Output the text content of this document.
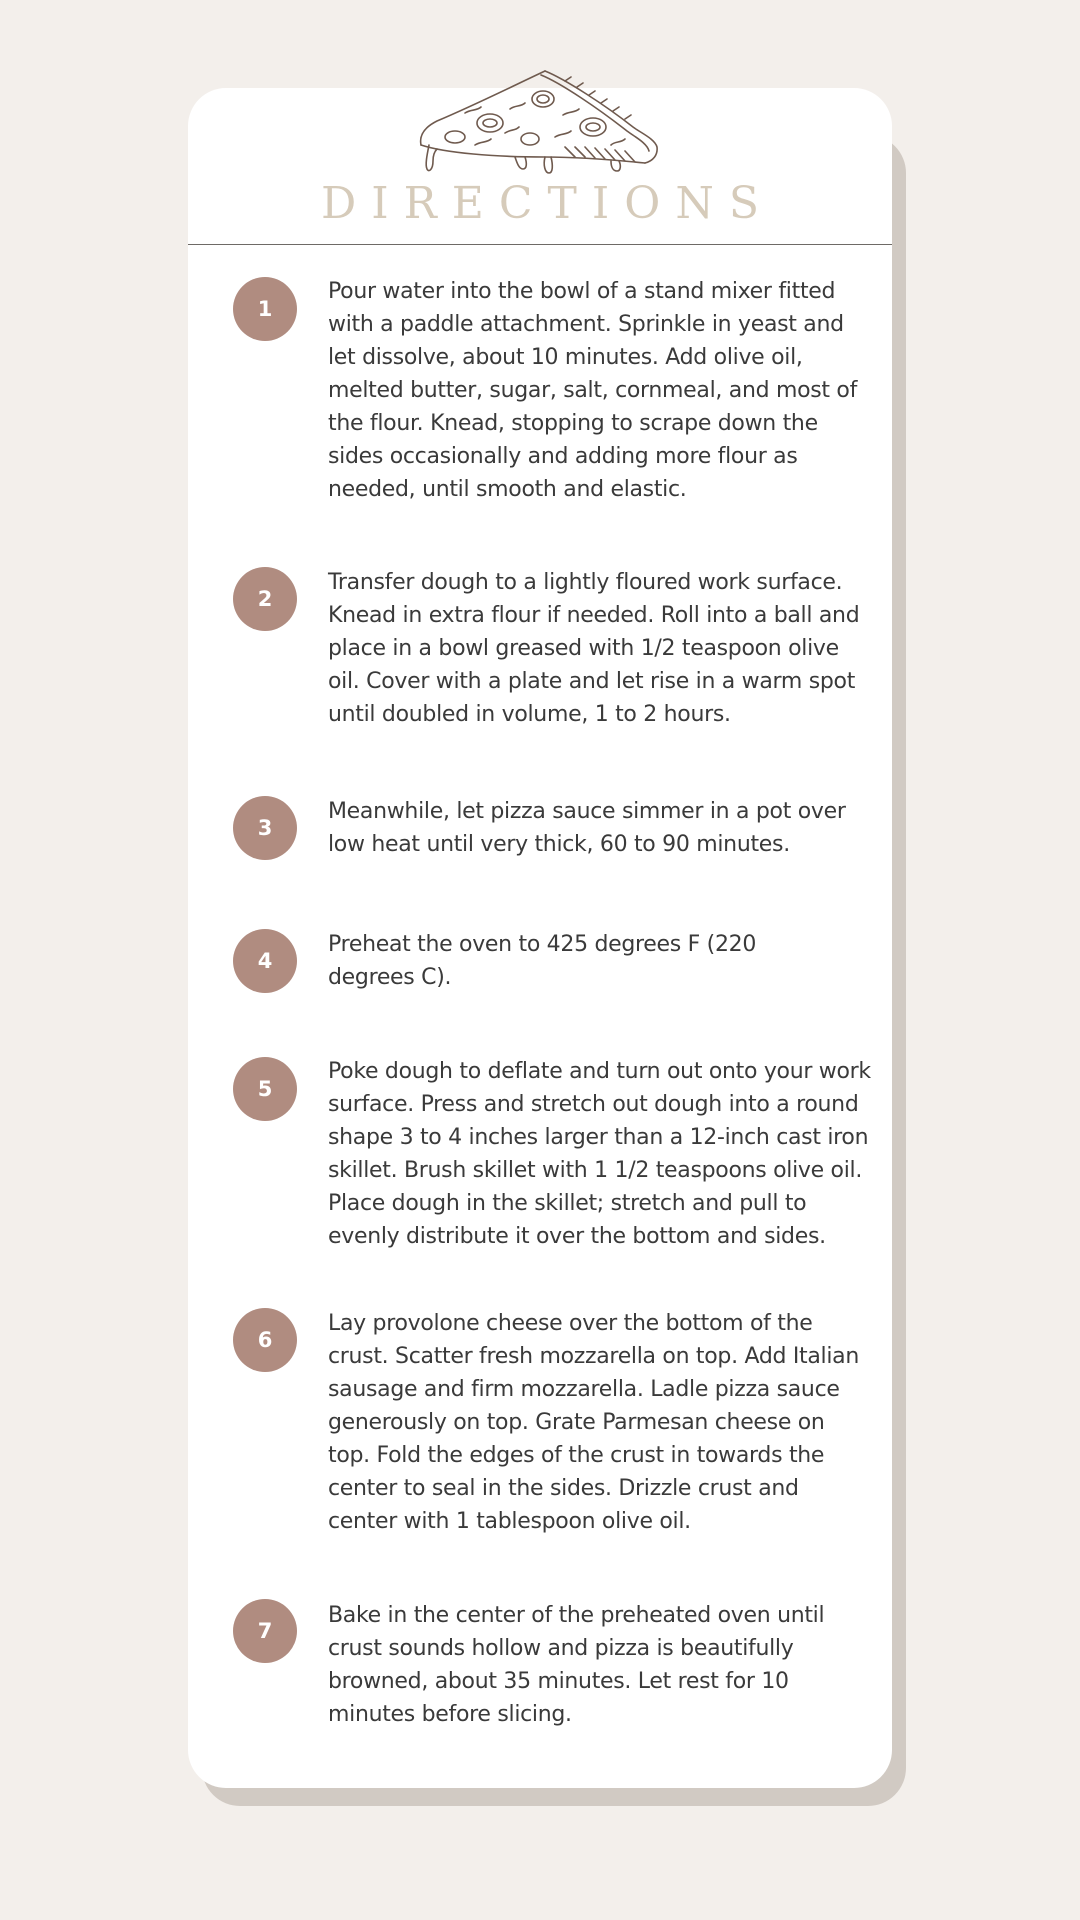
DIRECTIONS
1

Pour water into the bowl of a stand mixer fitted with a paddle attachment. Sprinkle in yeast and let dissolve, about 10 minutes. Add olive oil, melted butter, sugar, salt, cornmeal, and most of the flour. Knead, stopping to scrape down the sides occasionally and adding more flour as needed, until smooth and elastic.

2

Transfer dough to a lightly floured work surface. Knead in extra flour if needed. Roll into a ball and place in a bowl greased with 1/2 teaspoon olive oil. Cover with a plate and let rise in a warm spot until doubled in volume, 1 to 2 hours.

3

Meanwhile, let pizza sauce simmer in a pot over low heat until very thick, 60 to 90 minutes.

4

Preheat the oven to 425 degrees F (220 degrees C).

5

Poke dough to deflate and turn out onto your work surface. Press and stretch out dough into a round shape 3 to 4 inches larger than a 12-inch cast iron skillet. Brush skillet with 1 1/2 teaspoons olive oil. Place dough in the skillet; stretch and pull to evenly distribute it over the bottom and sides.

6

Lay provolone cheese over the bottom of the crust. Scatter fresh mozzarella on top. Add Italian sausage and firm mozzarella. Ladle pizza sauce generously on top. Grate Parmesan cheese on top. Fold the edges of the crust in towards the center to seal in the sides. Drizzle crust and center with 1 tablespoon olive oil.

7

Bake in the center of the preheated oven until crust sounds hollow and pizza is beautifully browned, about 35 minutes. Let rest for 10 minutes before slicing.
